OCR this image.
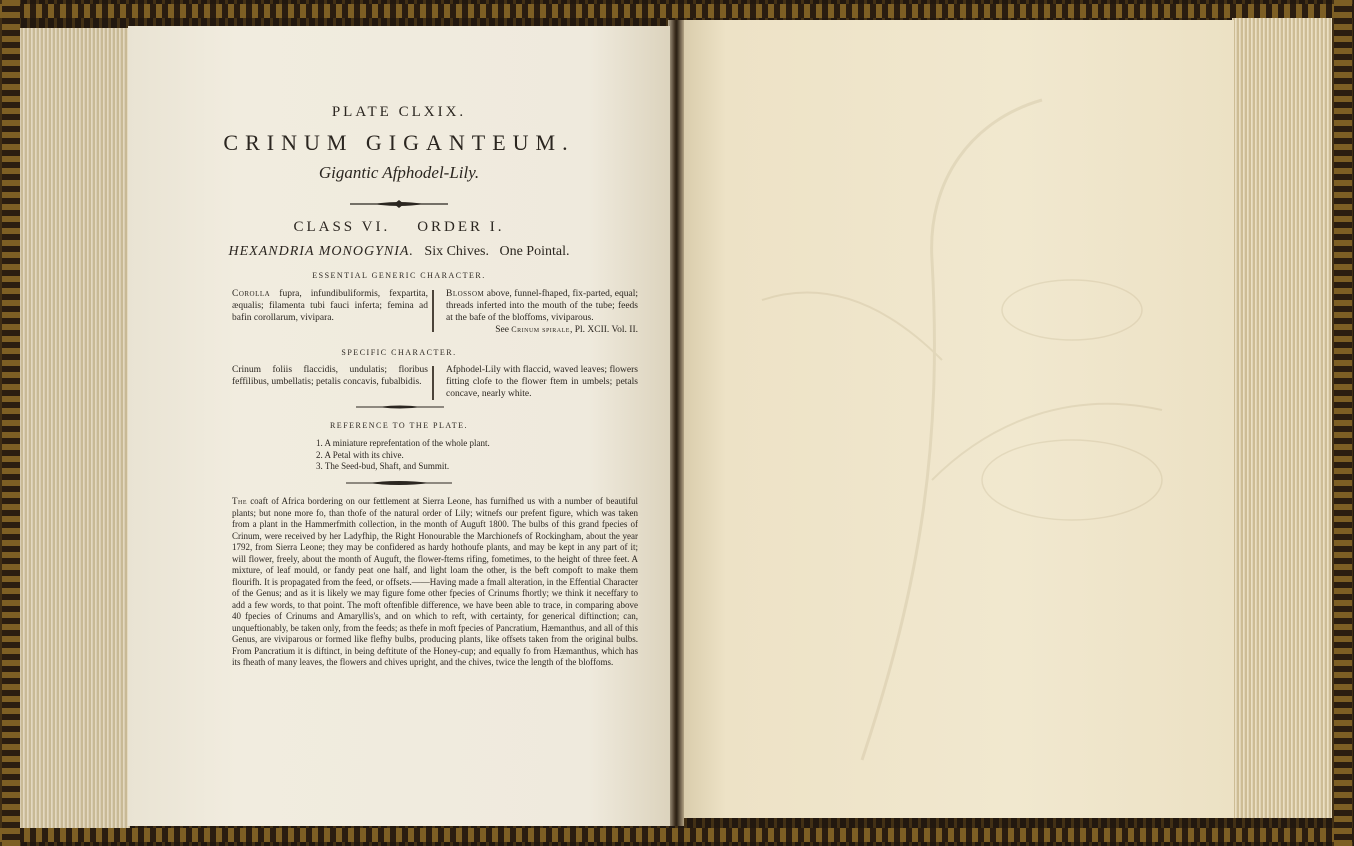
PLATE CLXIX.
CRINUM GIGANTEUM.
Gigantic Afphodel-Lily.
CLASS VI.    ORDER I.
HEXANDRIA MONOGYNIA. Six Chives.   One Pointal.
ESSENTIAL GENERIC CHARACTER.
Corolla fupra, infundibuliformis, fexpartita, æqualis; filamenta tubi fauci inferta; femina ad bafin corollarum, vivipara.
Blossom above, funnel-fhaped, fix-parted, equal; threads inferted into the mouth of the tube; feeds at the bafe of the bloffoms, viviparous.
See Crinum spirale, Pl. XCII. Vol. II.
SPECIFIC CHARACTER.
Crinum foliis flaccidis, undulatis; floribus feffilibus, umbellatis; petalis concavis, fubalbidis.
Afphodel-Lily with flaccid, waved leaves; flowers fitting clofe to the flower ftem in umbels; petals concave, nearly white.
REFERENCE TO THE PLATE.
1. A miniature reprefentation of the whole plant.
2. A Petal with its chive.
3. The Seed-bud, Shaft, and Summit.
The coaft of Africa bordering on our fettlement at Sierra Leone, has furnifhed us with a number of beautiful plants; but none more fo, than thofe of the natural order of Lily; witnefs our prefent figure, which was taken from a plant in the Hammerfmith collection, in the month of Auguft 1800. The bulbs of this grand fpecies of Crinum, were received by her Ladyfhip, the Right Honourable the Marchionefs of Rockingham, about the year 1792, from Sierra Leone; they may be confidered as hardy hothoufe plants, and may be kept in any part of it; will flower, freely, about the month of Auguft, the flower-ftems rifing, fometimes, to the height of three feet. A mixture, of leaf mould, or fandy peat one half, and light loam the other, is the beft compoft to make them flourifh. It is propagated from the feed, or offsets.——Having made a fmall alteration, in the Effential Character of the Genus; and as it is likely we may figure fome other fpecies of Crinums fhortly; we think it neceffary to add a few words, to that point. The moft oftenfible difference, we have been able to trace, in comparing above 40 fpecies of Crinums and Amaryllis's, and on which to reft, with certainty, for generical diftinction; can, unqueftionably, be taken only, from the feeds; as thefe in moft fpecies of Pancratium, Hæmanthus, and all of this Genus, are viviparous or formed like flefhy bulbs, producing plants, like offsets taken from the original bulbs. From Pancratium it is diftinct, in being deftitute of the Honey-cup; and equally fo from Hæmanthus, which has its fheath of many leaves, the flowers and chives upright, and the chives, twice the length of the bloffoms.
